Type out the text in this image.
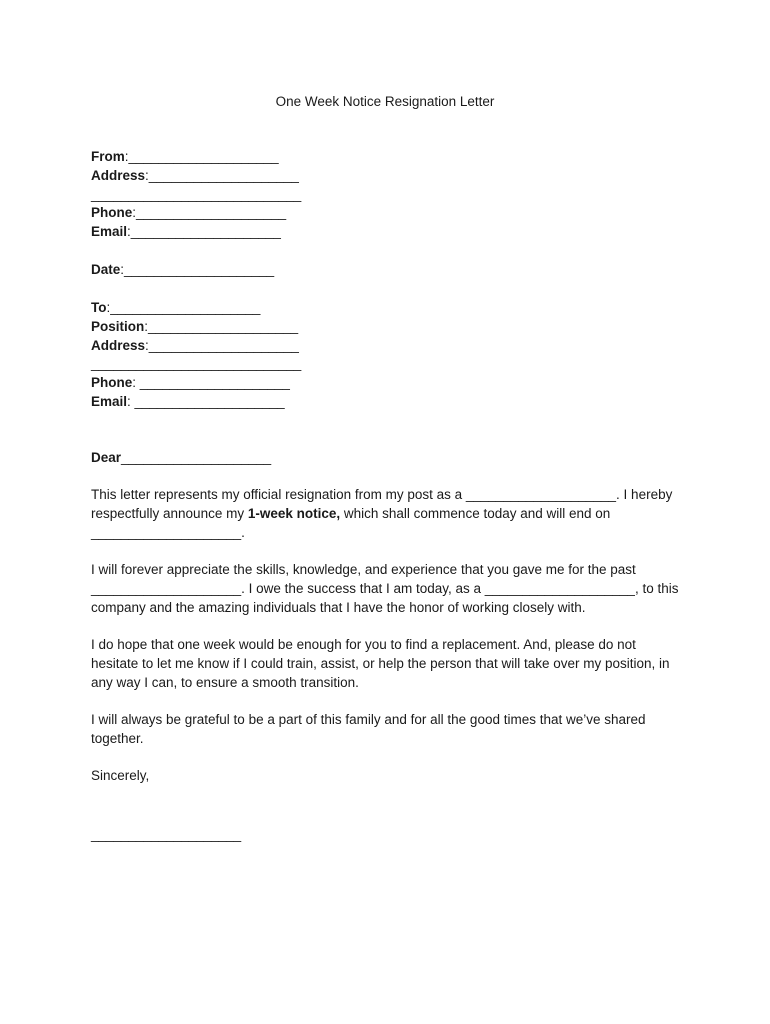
One Week Notice Resignation Letter
From:____________________
Address:____________________
____________________________
Phone:____________________
Email:____________________
Date:____________________
To:____________________
Position:____________________
Address:____________________
____________________________
Phone: ____________________
Email: ____________________
Dear____________________
This letter represents my official resignation from my post as a ____________________. I hereby respectfully announce my 1-week notice, which shall commence today and will end on ____________________.
I will forever appreciate the skills, knowledge, and experience that you gave me for the past ____________________. I owe the success that I am today, as a ____________________, to this company and the amazing individuals that I have the honor of working closely with.
I do hope that one week would be enough for you to find a replacement. And, please do not hesitate to let me know if I could train, assist, or help the person that will take over my position, in any way I can, to ensure a smooth transition.
I will always be grateful to be a part of this family and for all the good times that we’ve shared together.
Sincerely,
____________________
